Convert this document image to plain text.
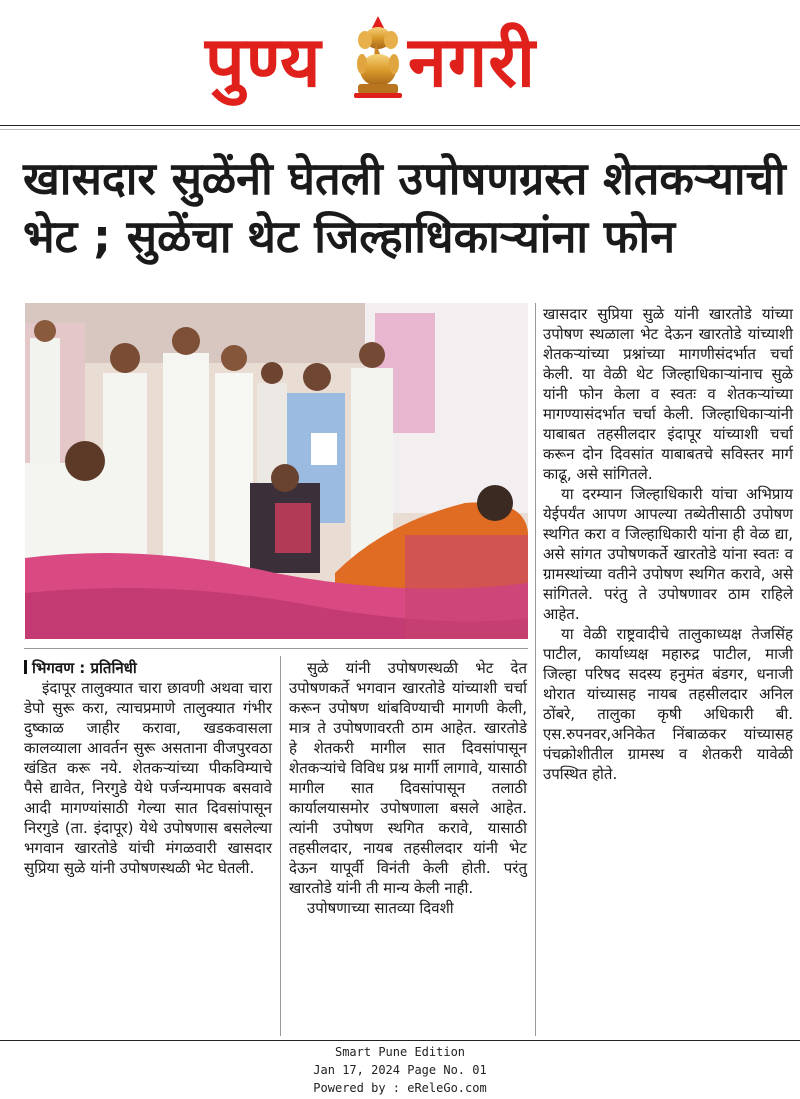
पुण्य नगरी
खासदार सुळेंनी घेतली उपोषणग्रस्त शेतकऱ्याची
भेट ; सुळेंचा थेट जिल्हाधिकाऱ्यांना फोन
भिगवण : प्रतिनिधी

इंदापूर तालुक्यात चारा छावणी अथवा चारा डेपो सुरू करा, त्याचप्रमाणे तालुक्यात गंभीर दुष्काळ जाहीर करावा, खडकवासला कालव्याला आवर्तन सुरू असताना वीजपुरवठा खंडित करू नये. शेतकऱ्यांच्या पीकविम्याचे पैसे द्यावेत, निरगुडे येथे पर्जन्यमापक बसवावे आदी मागण्यांसाठी गेल्या सात दिवसांपासून निरगुडे (ता. इंदापूर) येथे उपोषणास बसलेल्या भगवान खारतोडे यांची मंगळवारी खासदार सुप्रिया सुळे यांनी उपोषणस्थळी भेट घेतली.

सुळे यांनी उपोषणस्थळी भेट देत उपोषणकर्ते भगवान खारतोडे यांच्याशी चर्चा करून उपोषण थांबविण्याची मागणी केली, मात्र ते उपोषणावरती ठाम आहेत. खारतोडे हे शेतकरी मागील सात दिवसांपासून शेतकऱ्यांचे विविध प्रश्न मार्गी लागावे, यासाठी मागील सात दिवसांपासून तलाठी कार्यालयासमोर उपोषणाला बसले आहेत. त्यांनी उपोषण स्थगित करावे, यासाठी तहसीलदार, नायब तहसीलदार यांनी भेट देऊन यापूर्वी विनंती केली होती. परंतु खारतोडे यांनी ती मान्य केली नाही.

उपोषणाच्या सातव्या दिवशी

खासदार सुप्रिया सुळे यांनी खारतोडे यांच्या उपोषण स्थळाला भेट देऊन खारतोडे यांच्याशी शेतकऱ्यांच्या प्रश्नांच्या मागणीसंदर्भात चर्चा केली. या वेळी थेट जिल्हाधिकाऱ्यांनाच सुळे यांनी फोन केला व स्वतः व शेतकऱ्यांच्या मागण्यासंदर्भात चर्चा केली. जिल्हाधिकाऱ्यांनी याबाबत तहसीलदार इंदापूर यांच्याशी चर्चा करून दोन दिवसांत याबाबतचे सविस्तर मार्ग काढू, असे सांगितले.

या दरम्यान जिल्हाधिकारी यांचा अभिप्राय येईपर्यंत आपण आपल्या तब्येतीसाठी उपोषण स्थगित करा व जिल्हाधिकारी यांना ही वेळ द्या, असे सांगत उपोषणकर्ते खारतोडे यांना स्वतः व ग्रामस्थांच्या वतीने उपोषण स्थगित करावे, असे सांगितले. परंतु ते उपोषणावर ठाम राहिले आहेत.

या वेळी राष्ट्रवादीचे तालुकाध्यक्ष तेजसिंह पाटील, कार्याध्यक्ष महारुद्र पाटील, माजी जिल्हा परिषद सदस्य हनुमंत बंडगर, धनाजी थोरात यांच्यासह नायब तहसीलदार अनिल ठोंबरे, तालुका कृषी अधिकारी बी. एस.रुपनवर,अनिकेत निंबाळकर यांच्यासह पंचक्रोशीतील ग्रामस्थ व शेतकरी यावेळी उपस्थित होते.

Smart Pune Edition
Jan 17, 2024 Page No. 01
Powered by : eReleGo.com
